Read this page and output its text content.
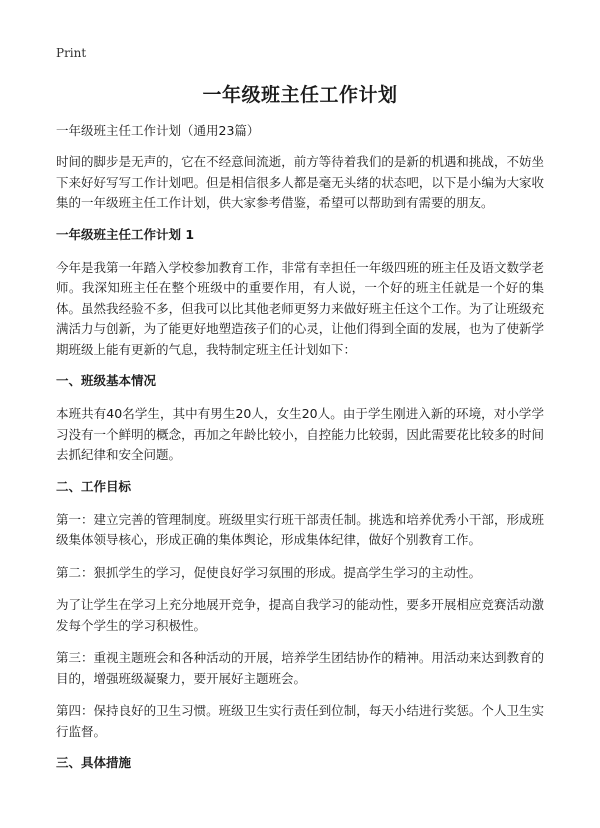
Print
一年级班主任工作计划
一年级班主任工作计划（通用23篇）

时间的脚步是无声的，它在不经意间流逝，前方等待着我们的是新的机遇和挑战，不妨坐下来好好写写工作计划吧。但是相信很多人都是毫无头绪的状态吧，以下是小编为大家收集的一年级班主任工作计划，供大家参考借鉴，希望可以帮助到有需要的朋友。

一年级班主任工作计划 1

今年是我第一年踏入学校参加教育工作，非常有幸担任一年级四班的班主任及语文数学老师。我深知班主任在整个班级中的重要作用，有人说，一个好的班主任就是一个好的集体。虽然我经验不多，但我可以比其他老师更努力来做好班主任这个工作。为了让班级充满活力与创新，为了能更好地塑造孩子们的心灵，让他们得到全面的发展，也为了使新学期班级上能有更新的气息，我特制定班主任计划如下：

一、班级基本情况

本班共有40名学生，其中有男生20人，女生20人。由于学生刚进入新的环境，对小学学习没有一个鲜明的概念，再加之年龄比较小，自控能力比较弱，因此需要花比较多的时间去抓纪律和安全问题。

二、工作目标

第一：建立完善的管理制度。班级里实行班干部责任制。挑选和培养优秀小干部，形成班级集体领导核心，形成正确的集体舆论，形成集体纪律，做好个别教育工作。

第二：狠抓学生的学习，促使良好学习氛围的形成。提高学生学习的主动性。

为了让学生在学习上充分地展开竞争，提高自我学习的能动性，要多开展相应竞赛活动激发每个学生的学习积极性。

第三：重视主题班会和各种活动的开展，培养学生团结协作的精神。用活动来达到教育的目的，增强班级凝聚力，要开展好主题班会。

第四：保持良好的卫生习惯。班级卫生实行责任到位制，每天小结进行奖惩。个人卫生实行监督。

三、具体措施
